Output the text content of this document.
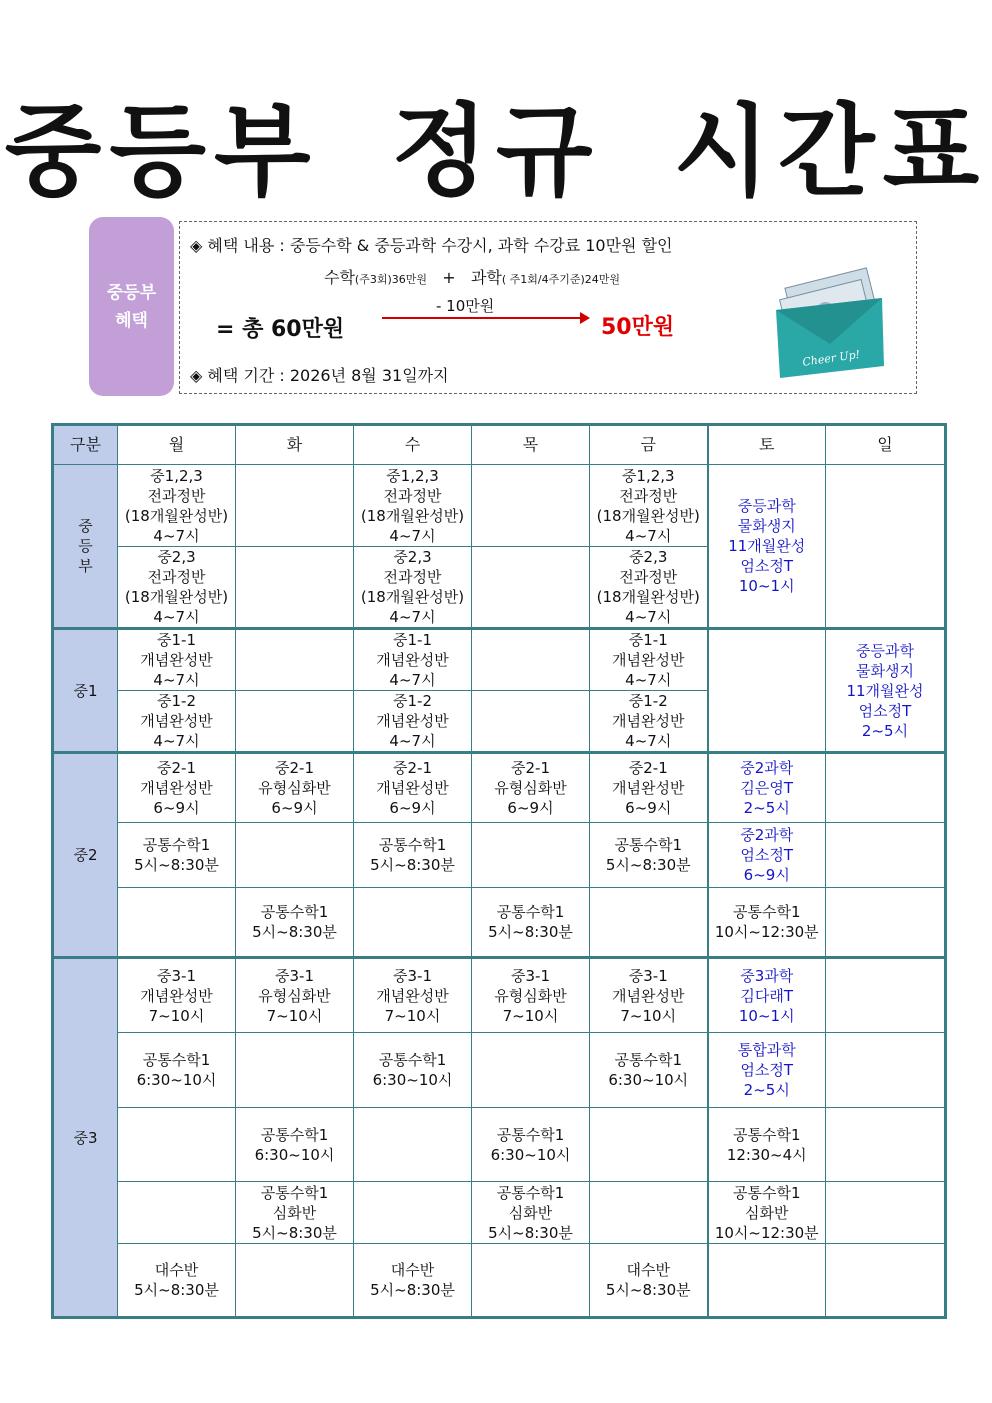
중등부 정규 시간표
중등부
혜택
◈ 혜택 내용 : 중등수학 & 중등과학 수강시, 과학 수강료 10만원 할인
수학(주3회)36만원 + 과학( 주1회/4주기준)24만원
- 10만원
= 총 60만원	50만원
◈ 혜택 기간 : 2026년 8월 31일까지
Cheer Up!
구분	월	화	수	목	금	토	일
중
등
부	중1,2,3
전과정반
(18개월완성반)
4~7시		중1,2,3
전과정반
(18개월완성반)
4~7시		중1,2,3
전과정반
(18개월완성반)
4~7시	중등과학
물화생지
11개월완성
엄소정T
10~1시	
	중2,3
전과정반
(18개월완성반)
4~7시		중2,3
전과정반
(18개월완성반)
4~7시		중2,3
전과정반
(18개월완성반)
4~7시		
중1	중1-1
개념완성반
4~7시		중1-1
개념완성반
4~7시		중1-1
개념완성반
4~7시		중등과학
물화생지
11개월완성
엄소정T
2~5시
	중1-2
개념완성반
4~7시		중1-2
개념완성반
4~7시		중1-2
개념완성반
4~7시		
중2	중2-1
개념완성반
6~9시	중2-1
유형심화반
6~9시	중2-1
개념완성반
6~9시	중2-1
유형심화반
6~9시	중2-1
개념완성반
6~9시	중2과학
김은영T
2~5시	
	공통수학1
5시~8:30분		공통수학1
5시~8:30분		공통수학1
5시~8:30분	중2과학
엄소정T
6~9시	
		공통수학1
5시~8:30분		공통수학1
5시~8:30분		공통수학1
10시~12:30분	
중3	중3-1
개념완성반
7~10시	중3-1
유형심화반
7~10시	중3-1
개념완성반
7~10시	중3-1
유형심화반
7~10시	중3-1
개념완성반
7~10시	중3과학
김다래T
10~1시	
	공통수학1
6:30~10시		공통수학1
6:30~10시		공통수학1
6:30~10시	통합과학
엄소정T
2~5시	
		공통수학1
6:30~10시		공통수학1
6:30~10시		공통수학1
12:30~4시	
		공통수학1
심화반
5시~8:30분		공통수학1
심화반
5시~8:30분		공통수학1
심화반
10시~12:30분	
	대수반
5시~8:30분		대수반
5시~8:30분		대수반
5시~8:30분		
